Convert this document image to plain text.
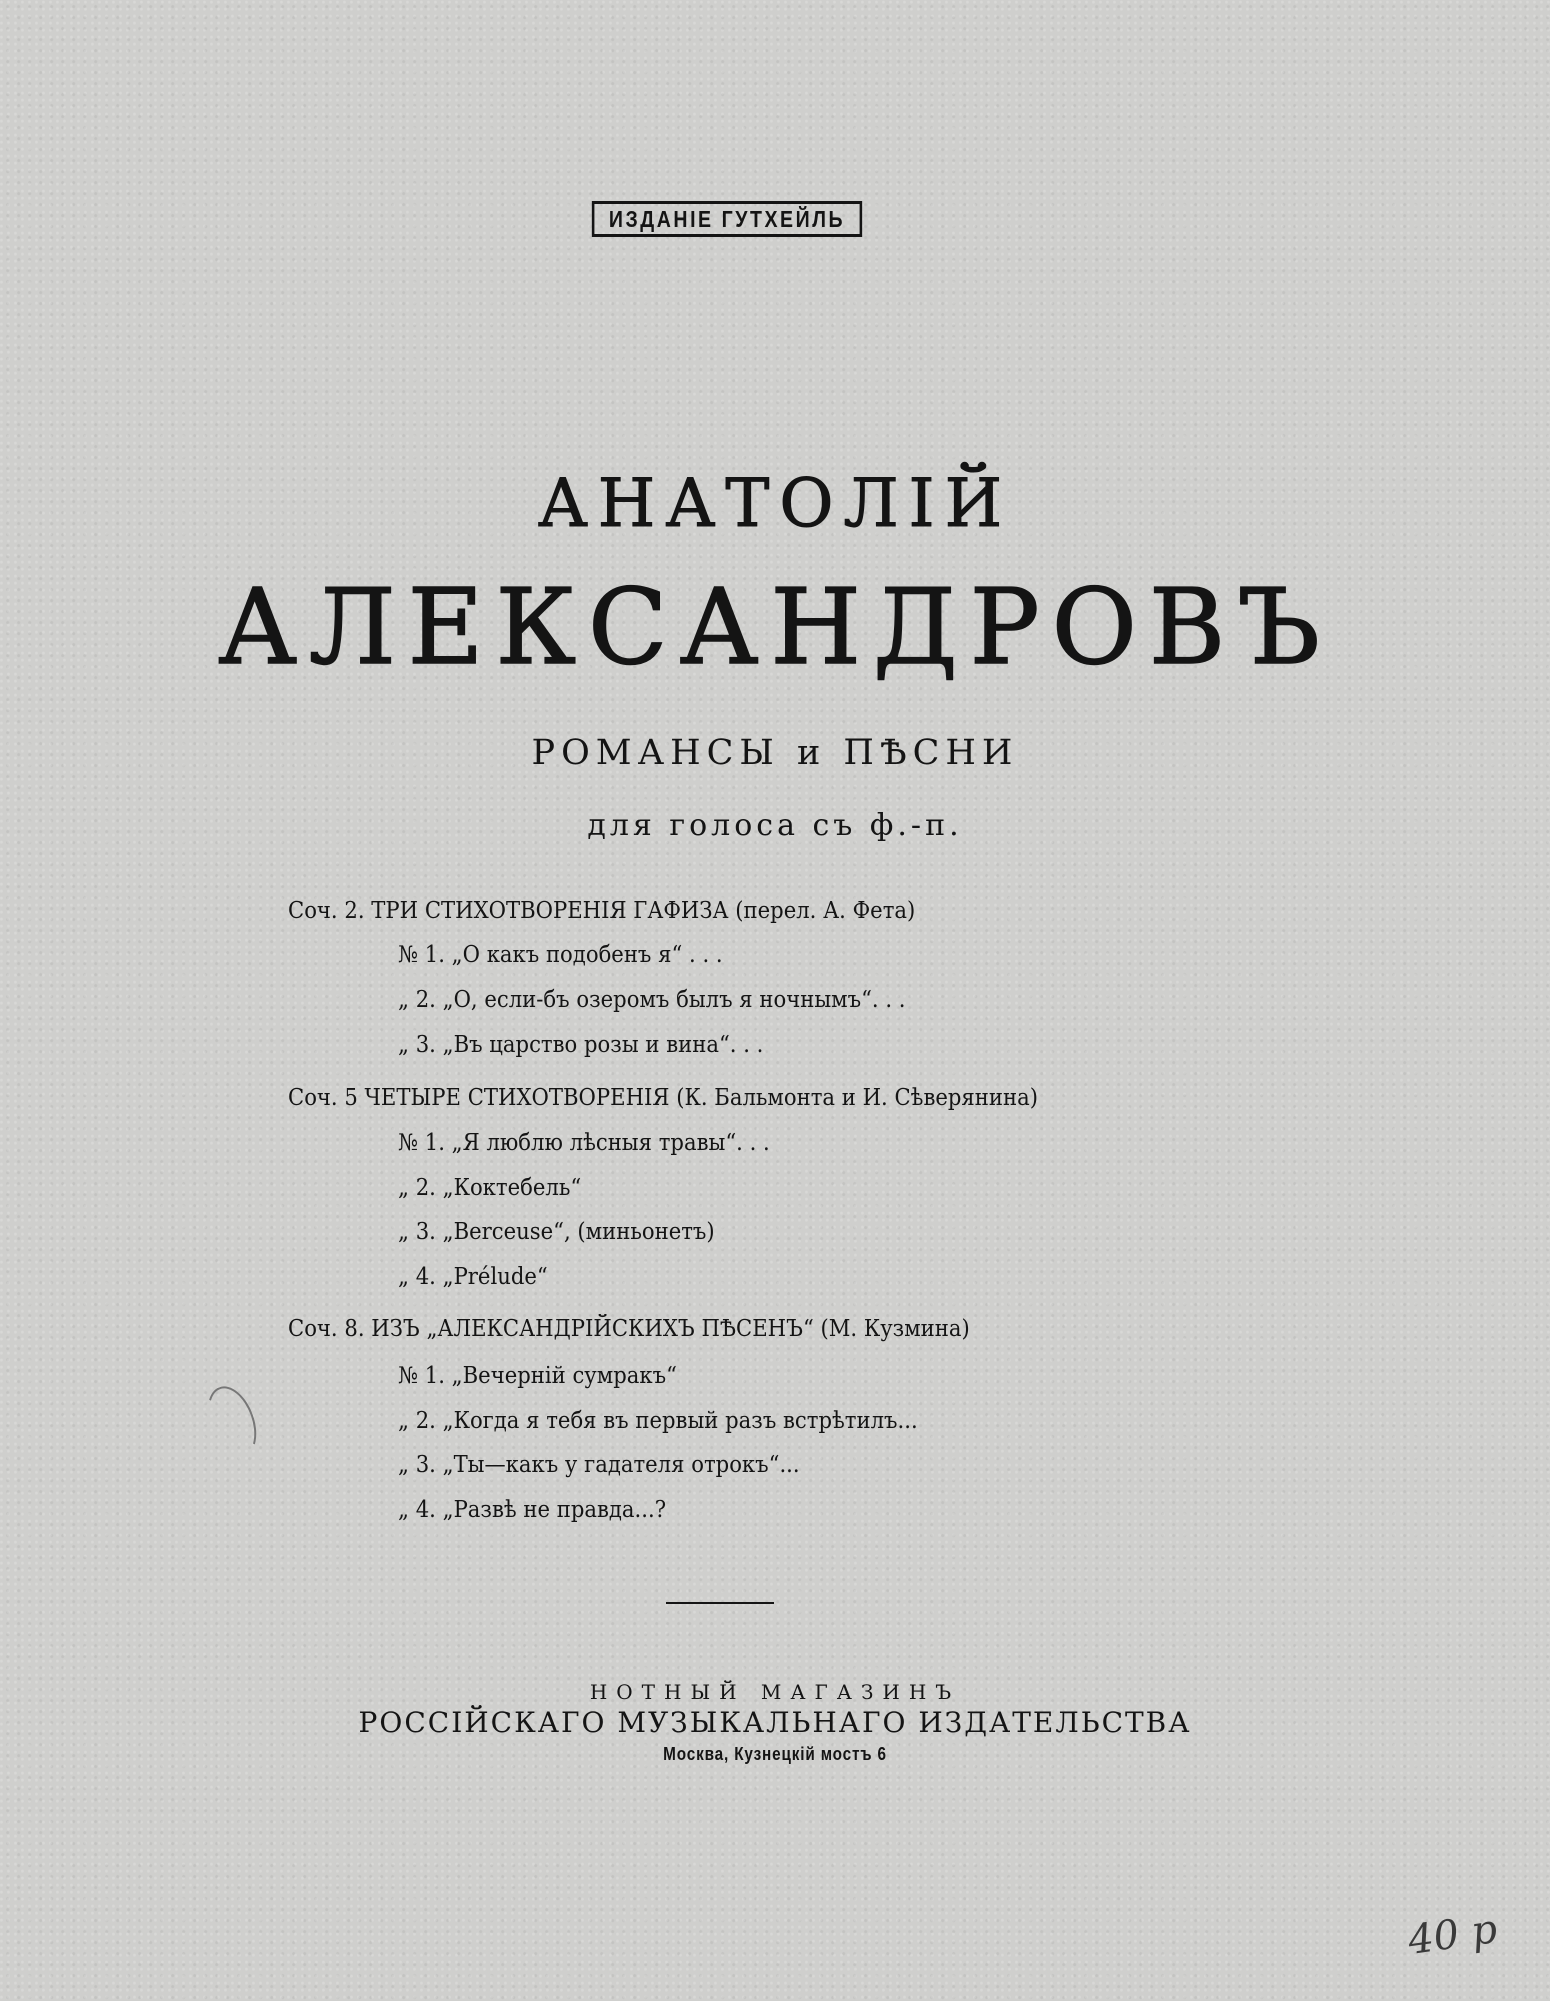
ИЗДАНІЕ ГУТХЕЙЛЬ
АНАТОЛІЙ
АЛЕКСАНДРОВЪ
РОМАНСЫ и ПѢСНИ
для голоса съ ф.-п.
Соч. 2. ТРИ СТИХОТВОРЕНІЯ ГАФИЗА (перел. А. Фета)
№ 1. „О какъ подобенъ я“ . . .
„ 2. „О, если-бъ озеромъ былъ я ночнымъ“. . .
„ 3. „Въ царство розы и вина“. . .
Соч. 5 ЧЕТЫРЕ СТИХОТВОРЕНІЯ (К. Бальмонта и И. Сѣверянина)
№ 1. „Я люблю лѣсныя травы“. . .
„ 2. „Коктебель“
„ 3. „Berceuse“, (миньонетъ)
„ 4. „Prélude“
Соч. 8. ИЗЪ „АЛЕКСАНДРІЙСКИХЪ ПѢСЕНЪ“ (М. Кузмина)
№ 1. „Вечерній сумракъ“
„ 2. „Когда я тебя въ первый разъ встрѣтилъ...
„ 3. „Ты—какъ у гадателя отрокъ“...
„ 4. „Развѣ не правда...?
НОТНЫЙ МАГАЗИНЪ
РОССІЙСКАГО МУЗЫКАЛЬНАГО ИЗДАТЕЛЬСТВА
Москва, Кузнецкій мостъ 6
40 р
